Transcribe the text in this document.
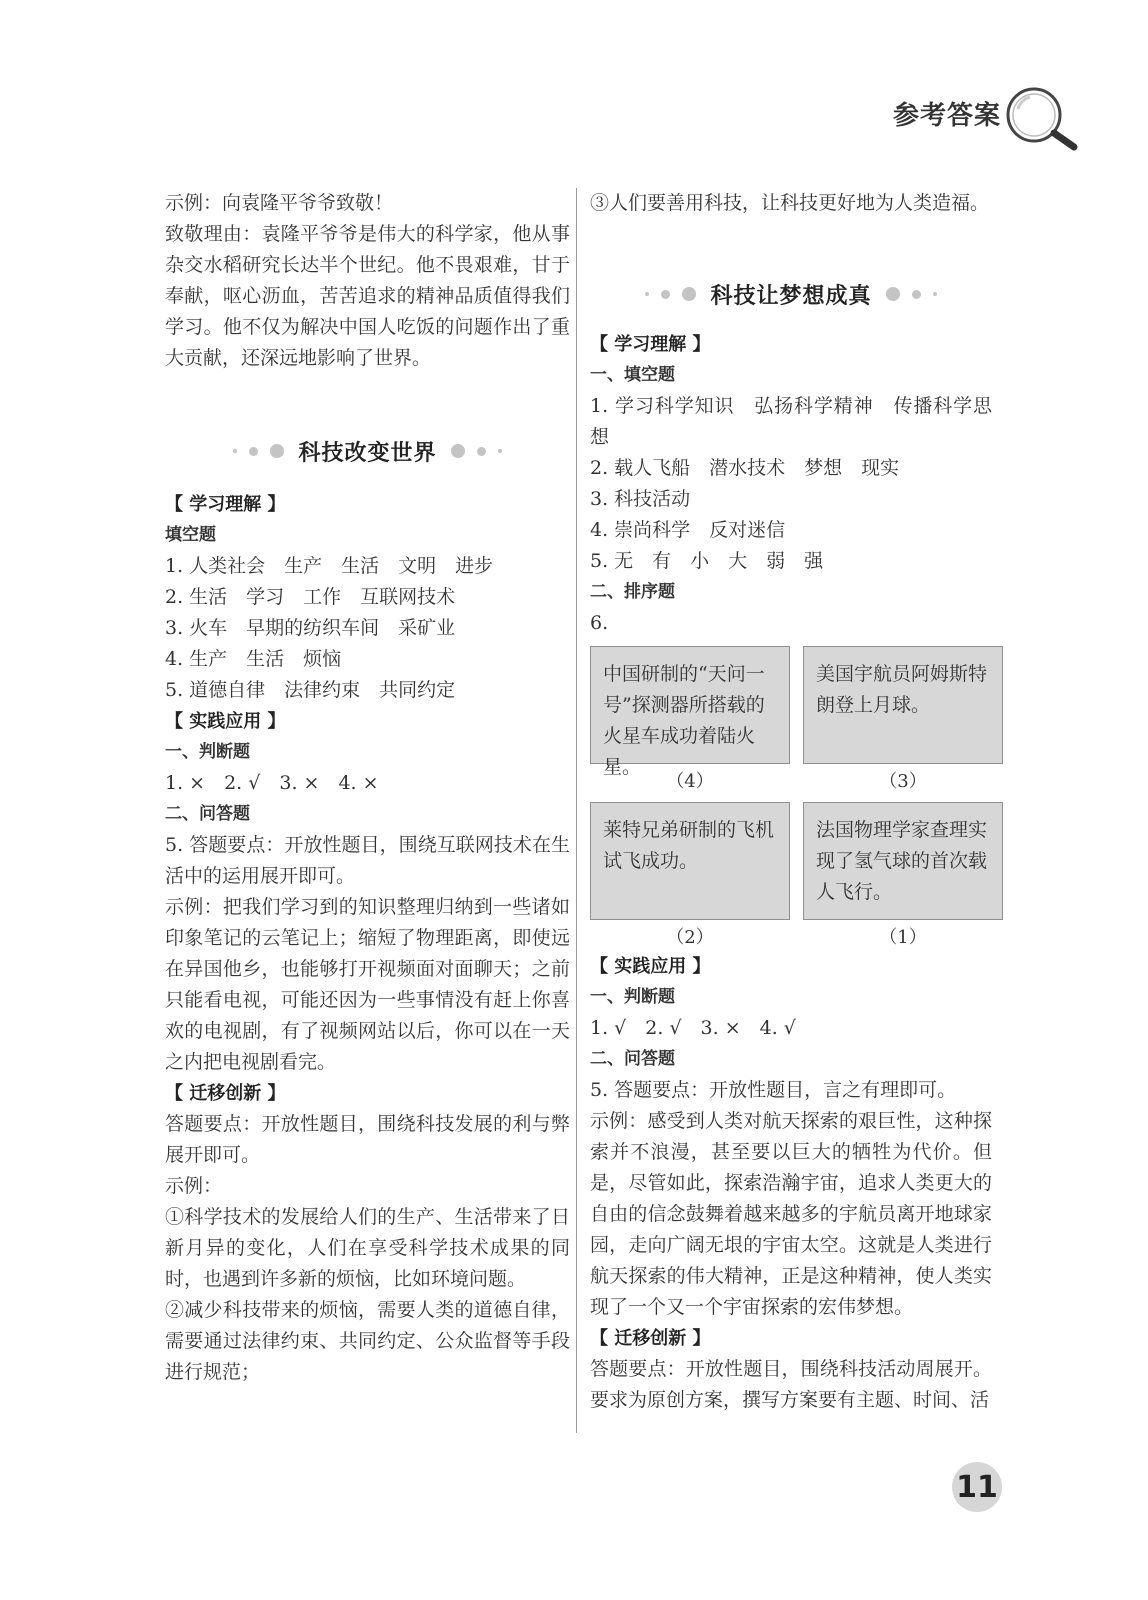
参考答案

示例：向袁隆平爷爷致敬！

致敬理由：袁隆平爷爷是伟大的科学家，他从事杂交水稻研究长达半个世纪。他不畏艰难，甘于奉献，呕心沥血，苦苦追求的精神品质值得我们学习。他不仅为解决中国人吃饭的问题作出了重大贡献，还深远地影响了世界。

科技改变世界
【 学习理解 】
填空题

1. 人类社会　生产　生活　文明　进步

2. 生活　学习　工作　互联网技术

3. 火车　早期的纺织车间　采矿业

4. 生产　生活　烦恼

5. 道德自律　法律约束　共同约定

【 实践应用 】
一、判断题

1. ×　2. √　3. ×　4. ×

二、问答题

5. 答题要点：开放性题目，围绕互联网技术在生活中的运用展开即可。

示例：把我们学习到的知识整理归纳到一些诸如印象笔记的云笔记上；缩短了物理距离，即使远在异国他乡，也能够打开视频面对面聊天；之前只能看电视，可能还因为一些事情没有赶上你喜欢的电视剧，有了视频网站以后，你可以在一天之内把电视剧看完。

【 迁移创新 】

答题要点：开放性题目，围绕科技发展的利与弊展开即可。

示例：

①科学技术的发展给人们的生产、生活带来了日新月异的变化，人们在享受科学技术成果的同时，也遇到许多新的烦恼，比如环境问题。

②减少科技带来的烦恼，需要人类的道德自律，需要通过法律约束、共同约定、公众监督等手段进行规范；

③人们要善用科技，让科技更好地为人类造福。

科技让梦想成真
【 学习理解 】
一、填空题

1. 学习科学知识　弘扬科学精神　传播科学思想

2. 载人飞船　潜水技术　梦想　现实

3. 科技活动

4. 崇尚科学　反对迷信

5. 无　有　小　大　弱　强

二、排序题

6.

中国研制的“天问一号”探测器所搭载的火星车成功着陆火星。
美国宇航员阿姆斯特朗登上月球。
（4）	（3）
莱特兄弟研制的飞机试飞成功。
法国物理学家查理实现了氢气球的首次载人飞行。
（2）	（1）
【 实践应用 】
一、判断题

1. √　2. √　3. ×　4. √

二、问答题

5. 答题要点：开放性题目，言之有理即可。

示例：感受到人类对航天探索的艰巨性，这种探索并不浪漫，甚至要以巨大的牺牲为代价。但是，尽管如此，探索浩瀚宇宙，追求人类更大的自由的信念鼓舞着越来越多的宇航员离开地球家园，走向广阔无垠的宇宙太空。这就是人类进行航天探索的伟大精神，正是这种精神，使人类实现了一个又一个宇宙探索的宏伟梦想。

【 迁移创新 】

答题要点：开放性题目，围绕科技活动周展开。要求为原创方案，撰写方案要有主题、时间、活

11
